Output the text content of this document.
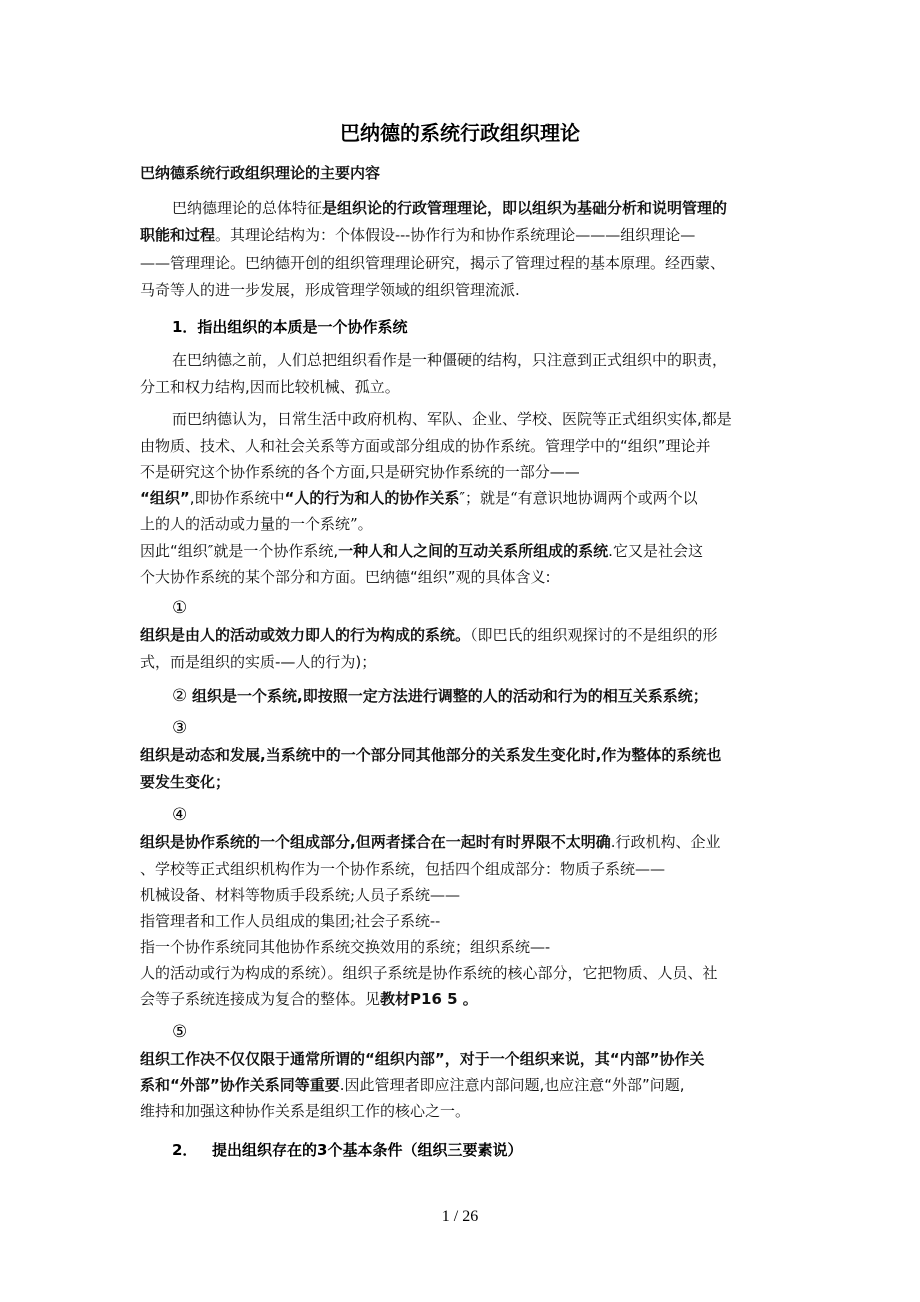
巴纳德的系统行政组织理论
巴纳德系统行政组织理论的主要内容
巴纳德理论的总体特征是组织论的行政管理理论，即以组织为基础分析和说明管理的
职能和过程。其理论结构为：个体假设---协作行为和协作系统理论———组织理论—
——管理理论。巴纳德开创的组织管理理论研究，揭示了管理过程的基本原理。经西蒙、
马奇等人的进一步发展，形成管理学领域的组织管理流派.
1．指出组织的本质是一个协作系统
在巴纳德之前，人们总把组织看作是一种僵硬的结构，只注意到正式组织中的职责，
分工和权力结构,因而比较机械、孤立。
而巴纳德认为，日常生活中政府机构、军队、企业、学校、医院等正式组织实体,都是
由物质、技术、人和社会关系等方面或部分组成的协作系统。管理学中的“组织”理论并
不是研究这个协作系统的各个方面,只是研究协作系统的一部分——
“组织”,即协作系统中“人的行为和人的协作关系″；就是“有意识地协调两个或两个以
上的人的活动或力量的一个系统”。
因此“组织″就是一个协作系统,一种人和人之间的互动关系所组成的系统.它又是社会这
个大协作系统的某个部分和方面。巴纳德“组织”观的具体含义:
①
组织是由人的活动或效力即人的行为构成的系统。（即巴氏的组织观探讨的不是组织的形
式，而是组织的实质-—人的行为)；
② 组织是一个系统,即按照一定方法进行调整的人的活动和行为的相互关系系统；
③
组织是动态和发展,当系统中的一个部分同其他部分的关系发生变化时,作为整体的系统也
要发生变化；
④
组织是协作系统的一个组成部分,但两者揉合在一起时有时界限不太明确.行政机构、企业
、学校等正式组织机构作为一个协作系统，包括四个组成部分：物质子系统——
机械设备、材料等物质手段系统;人员子系统——
指管理者和工作人员组成的集团;社会子系统--
指一个协作系统同其他协作系统交换效用的系统；组织系统—-
人的活动或行为构成的系统）。组织子系统是协作系统的核心部分，它把物质、人员、社
会等子系统连接成为复合的整体。见教材P16 5 。
⑤
组织工作决不仅仅限于通常所谓的“组织内部”，对于一个组织来说，其“内部”协作关
系和“外部”协作关系同等重要.因此管理者即应注意内部问题,也应注意“外部”问题,
维持和加强这种协作关系是组织工作的核心之一。
2． 提出组织存在的3个基本条件（组织三要素说）
1 / 26
